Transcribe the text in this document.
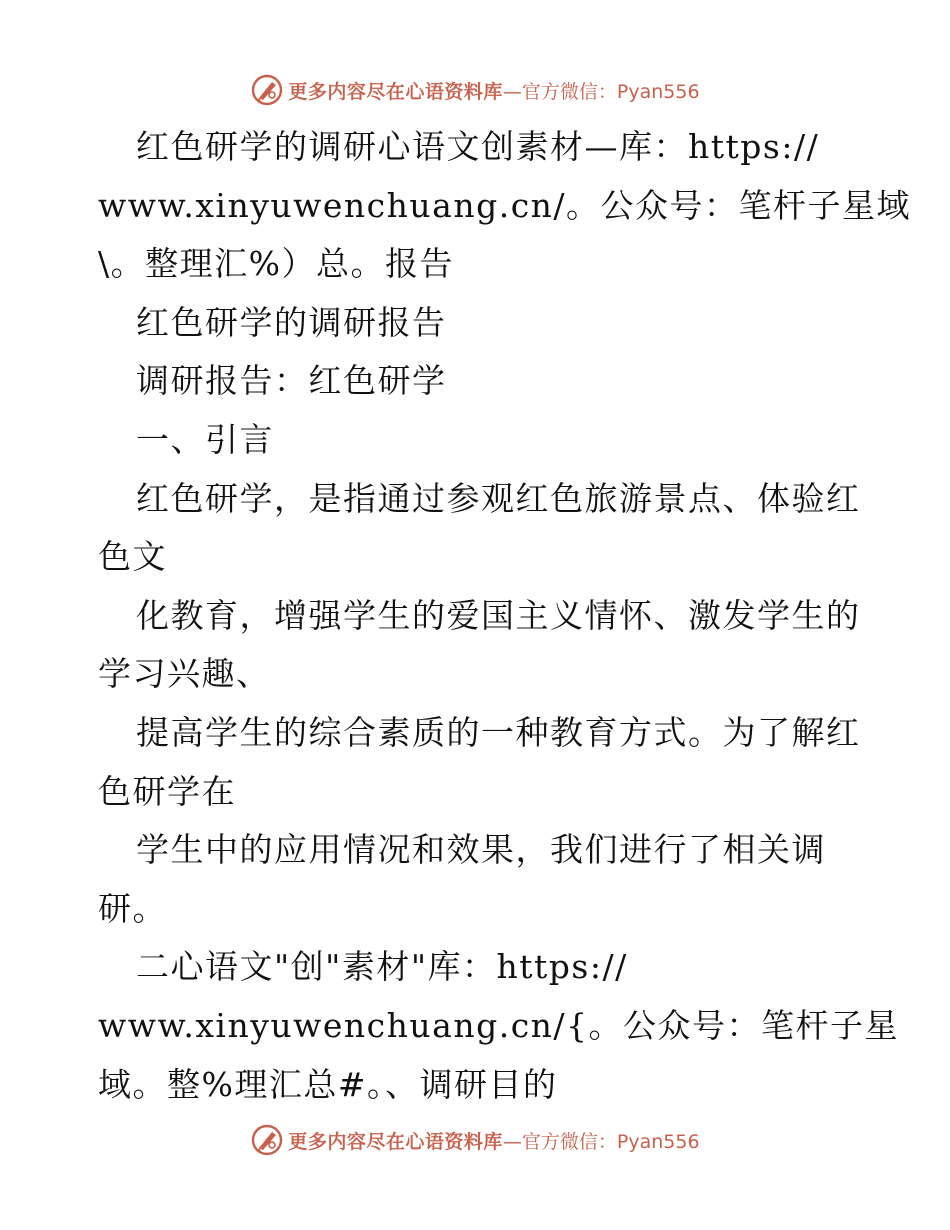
更多内容尽在心语资料库 —官方微信：Pyan556
红色研学的调研心语文创素材—库：https://
www.xinyuwenchuang.cn/。公众号：笔杆子星域
\。整理汇%）总。报告
红色研学的调研报告
调研报告：红色研学
一、引言
红色研学，是指通过参观红色旅游景点、体验红
色文
化教育，增强学生的爱国主义情怀、激发学生的
学习兴趣、
提高学生的综合素质的一种教育方式。为了解红
色研学在
学生中的应用情况和效果，我们进行了相关调
研。
二心语文"创"素材"库：https://
www.xinyuwenchuang.cn/{。公众号：笔杆子星
域。整%理汇总#。、调研目的
更多内容尽在心语资料库 —官方微信：Pyan556
